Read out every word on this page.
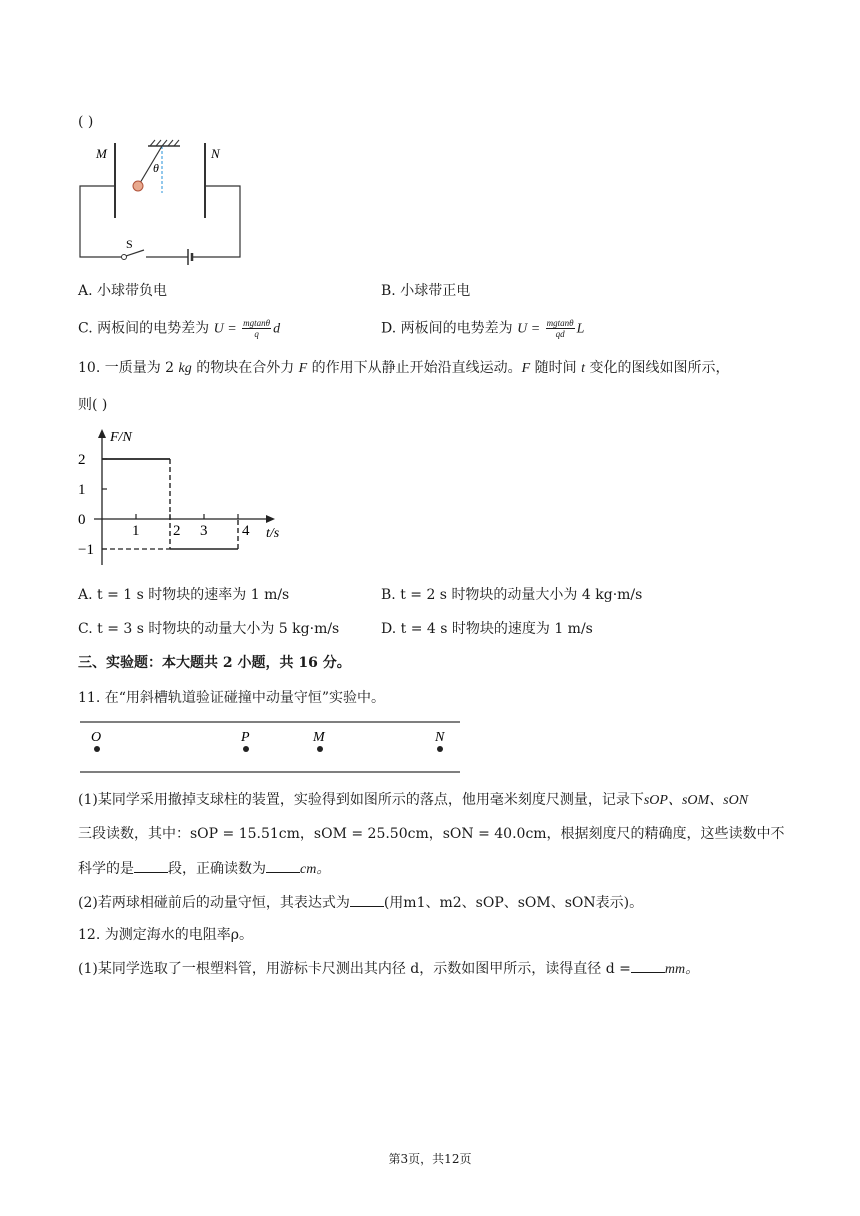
( )
M	N
θ
S
A. 小球带负电	B. 小球带正电
C. 两板间的电势差为 $U = \frac{mgtan\theta}{q}$ d	D. 两板间的电势差为 $U = \frac{mgtan\theta}{qd}$ L
10. 一质量为 2 kg 的物块在合外力 F 的作用下从静止开始沿直线运动。F 随时间 t 变化的图线如图所示，
则( )
F/N
t/s
−1
0
1
2
1 2 3 4
A. t = 1 s 时物块的速率为 1 m/s	B. t = 2 s 时物块的动量大小为 4 kg·m/s
C. t = 3 s 时物块的动量大小为 5 kg·m/s	D. t = 4 s 时物块的速度为 1 m/s
三、实验题：本大题共 2 小题，共 16 分。
11. 在“用斜槽轨道验证碰撞中动量守恒”实验中。
O	P	M	N
(1)某同学采用撤掉支球柱的装置，实验得到如图所示的落点，他用毫米刻度尺测量，记录下sOP、sOM、sON
三段读数，其中：sOP = 15.51cm，sOM = 25.50cm，sON = 40.0cm，根据刻度尺的精确度，这些读数中不
科学的是 段，正确读数为 cm。
(2)若两球相碰前后的动量守恒，其表达式为 (用m1、m2、sOP、sOM、sON表示)。
12. 为测定海水的电阻率ρ。
(1)某同学选取了一根塑料管，用游标卡尺测出其内径 d，示数如图甲所示，读得直径 d = mm。
第3页，共12页
